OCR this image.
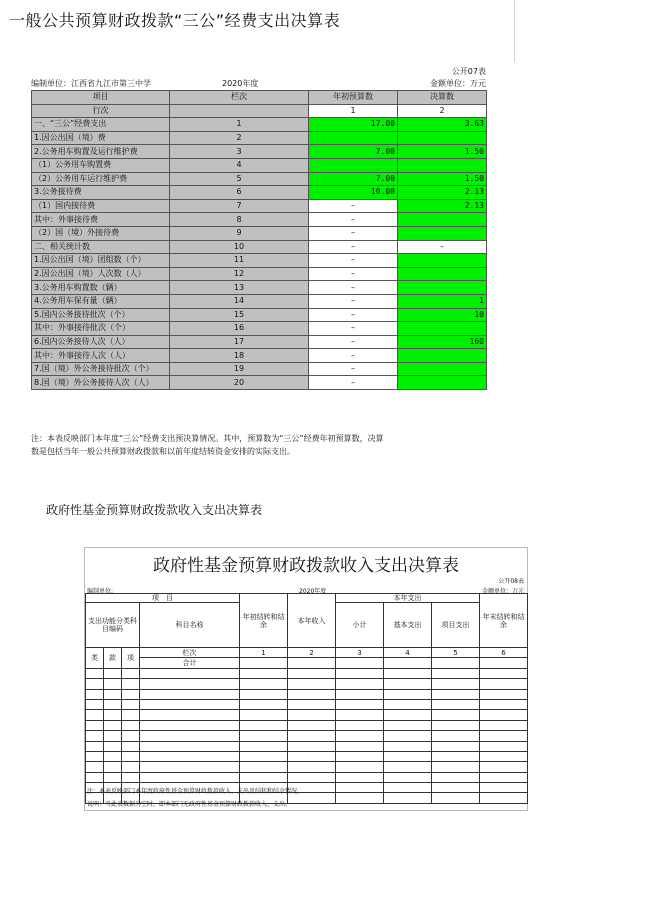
一般公共预算财政拨款“三公”经费支出决算表
公开07表
编制单位：江西省九江市第三中学	2020年度	金额单位：万元
项目	栏次	年初预算数	决算数
行次		1	2
一、“三公”经费支出	1	17.00	3.63
1.因公出国（境）费	2		
2.公务用车购置及运行维护费	3	7.00	1.50
（1）公务用车购置费	4		
（2）公务用车运行维护费	5	7.00	1.50
3.公务接待费	6	10.00	2.13
（1）国内接待费	7	–	2.13
其中：外事接待费	8	–	
（2）国（境）外接待费	9	–	
二、相关统计数	10	–	–
1.因公出国（境）团组数（个）	11	–	
2.因公出国（境）人次数（人）	12	–	
3.公务用车购置数（辆）	13	–	
4.公务用车保有量（辆）	14	–	1
5.国内公务接待批次（个）	15	–	10
其中：外事接待批次（个）	16	–	
6.国内公务接待人次（人）	17	–	160
其中：外事接待人次（人）	18	–	
7.国（境）外公务接待批次（个）	19	–	
8.国（境）外公务接待人次（人）	20	–	
注：本表反映部门本年度“三公”经费支出预决算情况。其中，预算数为“三公”经费年初预算数，决算
数是包括当年一般公共预算财政拨款和以前年度结转资金安排的实际支出。
政府性基金预算财政拨款收入支出决算表
政府性基金预算财政拨款收入支出决算表
公开08表
编制单位:	2020年度	金额单位：万元
项　目				年初结转和结余	本年收入	本年支出			年末结转和结余
支出功能分类科目编码			科目名称			小计	基本支出	项目支出	
类	款	项	栏次	1	2	3	4	5	6
			合计						

注：本表反映部门本年度政府性基金预算财政拨款收入、支出及结转和结余情况。
说明：当此表数据为空时，即本部门无政府性基金预算财政拨款收入、支出。
